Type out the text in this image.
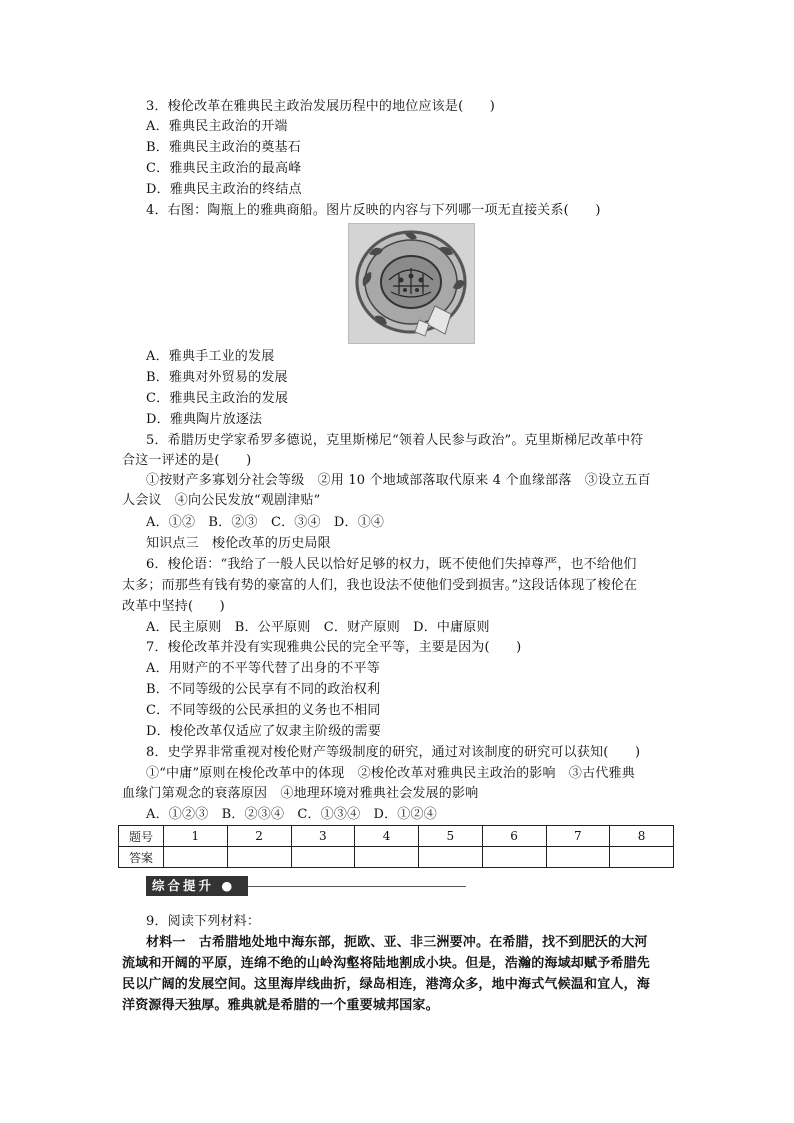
3．梭伦改革在雅典民主政治发展历程中的地位应该是(　　)
A．雅典民主政治的开端
B．雅典民主政治的奠基石
C．雅典民主政治的最高峰
D．雅典民主政治的终结点
4．右图：陶瓶上的雅典商船。图片反映的内容与下列哪一项无直接关系(　　)
A．雅典手工业的发展
B．雅典对外贸易的发展
C．雅典民主政治的发展
D．雅典陶片放逐法
5．希腊历史学家希罗多德说，克里斯梯尼“领着人民参与政治”。克里斯梯尼改革中符
合这一评述的是(　　)
①按财产多寡划分社会等级　②用 10 个地域部落取代原来 4 个血缘部落　③设立五百
人会议　④向公民发放“观剧津贴”
A．①②　B．②③　C．③④　D．①④
知识点三　梭伦改革的历史局限
6．梭伦语：“我给了一般人民以恰好足够的权力，既不使他们失掉尊严，也不给他们
太多；而那些有钱有势的豪富的人们，我也设法不使他们受到损害。”这段话体现了梭伦在
改革中坚持(　　)
A．民主原则　B．公平原则　C．财产原则　D．中庸原则
7．梭伦改革并没有实现雅典公民的完全平等，主要是因为(　　)
A．用财产的不平等代替了出身的不平等
B．不同等级的公民享有不同的政治权利
C．不同等级的公民承担的义务也不相同
D．梭伦改革仅适应了奴隶主阶级的需要
8．史学界非常重视对梭伦财产等级制度的研究，通过对该制度的研究可以获知(　　)
①“中庸”原则在梭伦改革中的体现　②梭伦改革对雅典民主政治的影响　③古代雅典
血缘门第观念的衰落原因　④地理环境对雅典社会发展的影响
A．①②③　B．②③④　C．①③④　D．①②④
题号	1	2	3	4	5	6	7	8
答案								
综合提升 ●
9．阅读下列材料：
材料一　古希腊地处地中海东部，扼欧、亚、非三洲要冲。在希腊，找不到肥沃的大河
流域和开阔的平原，连绵不绝的山岭沟壑将陆地割成小块。但是，浩瀚的海域却赋予希腊先
民以广阔的发展空间。这里海岸线曲折，绿岛相连，港湾众多，地中海式气候温和宜人，海
洋资源得天独厚。雅典就是希腊的一个重要城邦国家。
